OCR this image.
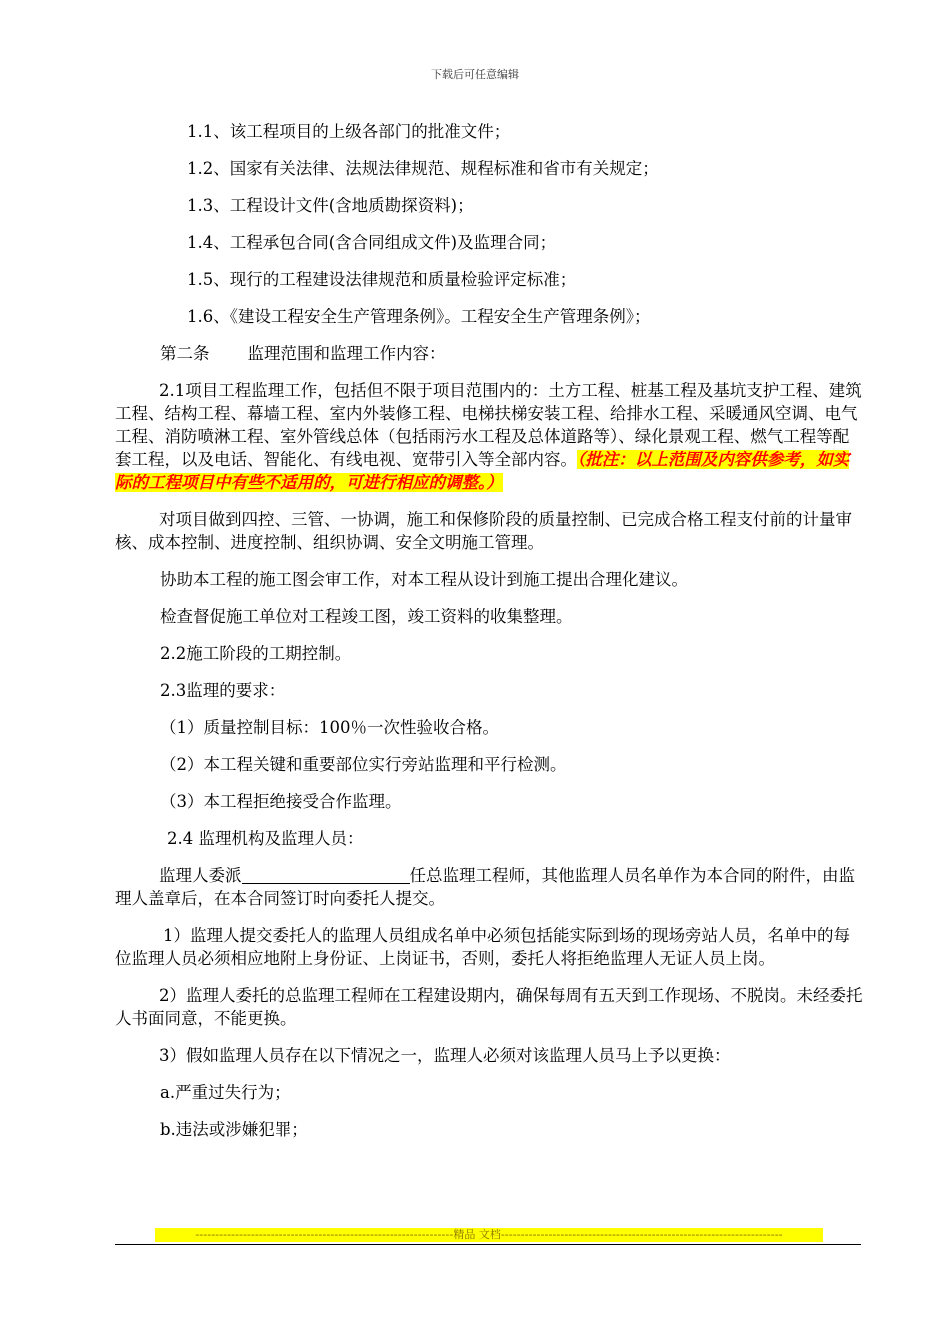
下载后可任意编辑
1.1、该工程项目的上级各部门的批准文件；
1.2、国家有关法律、法规法律规范、规程标准和省市有关规定；
1.3、工程设计文件(含地质勘探资料)；
1.4、工程承包合同(含合同组成文件)及监理合同；
1.5、现行的工程建设法律规范和质量检验评定标准；
1.6、《建设工程安全生产管理条例》。工程安全生产管理条例》；
第二条 监理范围和监理工作内容：
2.1项目工程监理工作，包括但不限于项目范围内的：土方工程、桩基工程及基坑支护工程、建筑工程、结构工程、幕墙工程、室内外装修工程、电梯扶梯安装工程、给排水工程、采暖通风空调、电气工程、消防喷淋工程、室外管线总体（包括雨污水工程及总体道路等）、绿化景观工程、燃气工程等配套工程，以及电话、智能化、有线电视、宽带引入等全部内容。（批注：以上范围及内容供参考，如实际的工程项目中有些不适用的，可进行相应的调整。）
对项目做到四控、三管、一协调，施工和保修阶段的质量控制、已完成合格工程支付前的计量审核、成本控制、进度控制、组织协调、安全文明施工管理。
协助本工程的施工图会审工作，对本工程从设计到施工提出合理化建议。
检查督促施工单位对工程竣工图，竣工资料的收集整理。
2.2施工阶段的工期控制。
2.3监理的要求：
（1）质量控制目标：100％一次性验收合格。
（2）本工程关键和重要部位实行旁站监理和平行检测。
（3）本工程拒绝接受合作监理。
2.4 监理机构及监理人员：
监理人委派	任总监理工程师，其他监理人员名单作为本合同的附件，由监理人盖章后，在本合同签订时向委托人提交。
1）监理人提交委托人的监理人员组成名单中必须包括能实际到场的现场旁站人员，名单中的每位监理人员必须相应地附上身份证、上岗证书，否则，委托人将拒绝监理人无证人员上岗。
2）监理人委托的总监理工程师在工程建设期内，确保每周有五天到工作现场、不脱岗。未经委托人书面同意，不能更换。
3）假如监理人员存在以下情况之一，监理人必须对该监理人员马上予以更换：
a.严重过失行为；
b.违法或涉嫌犯罪；
-----------------------------------------------------------------精品 文档-----------------------------------------------------------------------
